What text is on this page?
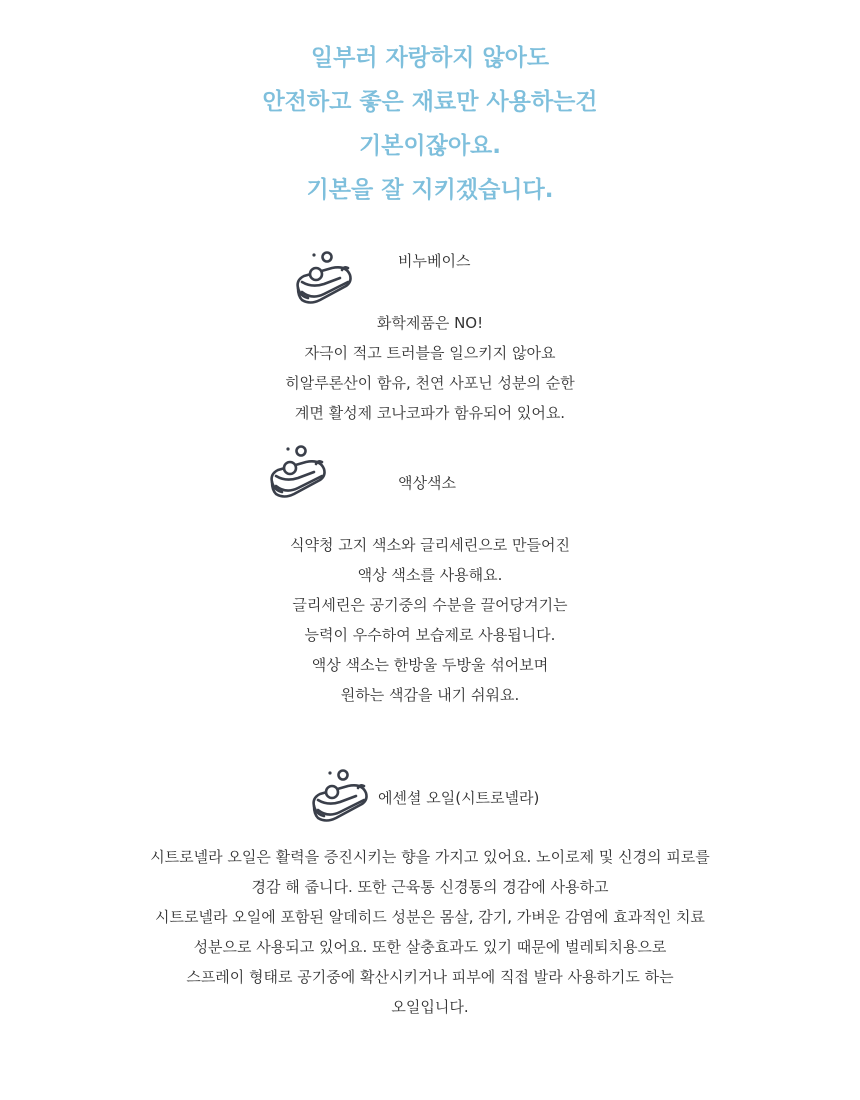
일부러 자랑하지 않아도
안전하고 좋은 재료만 사용하는건
기본이잖아요.
기본을 잘 지키겠습니다.
비누베이스
화학제품은 NO!
자극이 적고 트러블을 일으키지 않아요
히알루론산이 함유, 천연 사포닌 성분의 순한
계면 활성제 코나코파가 함유되어 있어요.
액상색소
식약청 고지 색소와 글리세린으로 만들어진
액상 색소를 사용해요.
글리세린은 공기중의 수분을 끌어당겨기는
능력이 우수하여 보습제로 사용됩니다.
액상 색소는 한방울 두방울 섞어보며
원하는 색감을 내기 쉬워요.
에센셜 오일(시트로넬라)
시트로넬라 오일은 활력을 증진시키는 향을 가지고 있어요. 노이로제 및 신경의 피로를
경감 해 줍니다. 또한 근육통 신경통의 경감에 사용하고
시트로넬라 오일에 포함된 알데히드 성분은 몸살, 감기, 가벼운 감염에 효과적인 치료
성분으로 사용되고 있어요. 또한 살충효과도 있기 때문에 벌레퇴치용으로
스프레이 형태로 공기중에 확산시키거나 피부에 직접 발라 사용하기도 하는
오일입니다.
